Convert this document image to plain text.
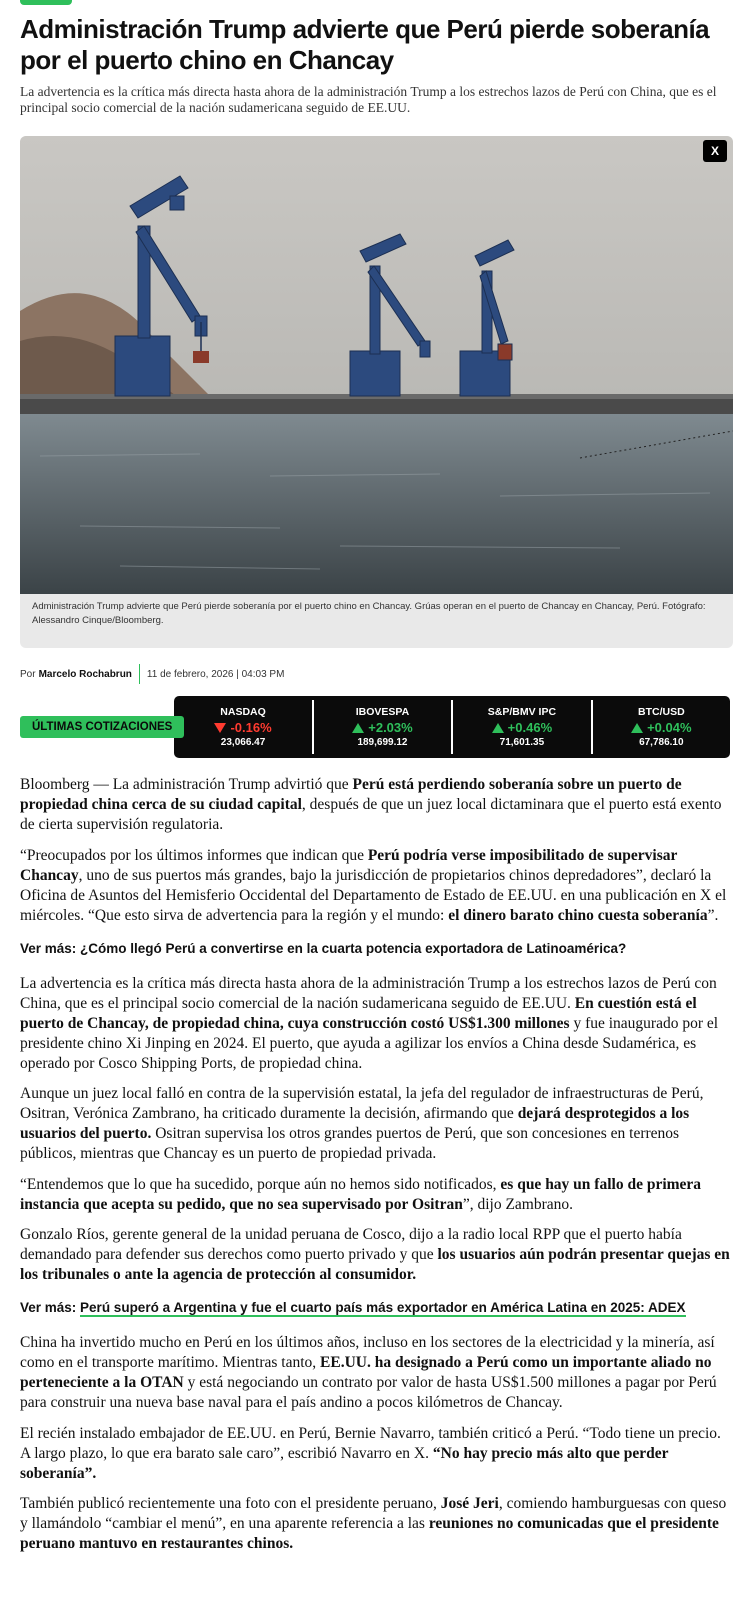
Administración Trump advierte que Perú pierde soberanía por el puerto chino en Chancay

La advertencia es la crítica más directa hasta ahora de la administración Trump a los estrechos lazos de Perú con China, que es el principal socio comercial de la nación sudamericana seguido de EE.UU.

X

Administración Trump advierte que Perú pierde soberanía por el puerto chino en Chancay. Grúas operan en el puerto de Chancay en Chancay, Perú. Fotógrafo: Alessandro Cinque/Bloomberg.

Por Marcelo Rochabrun 11 de febrero, 2026 | 04:03 PM
ÚLTIMAS COTIZACIONES
NASDAQ
-0.16%
23,066.47
IBOVESPA
+2.03%
189,699.12
S&P/BMV IPC
+0.46%
71,601.35
BTC/USD
+0.04%
67,786.10

Bloomberg — La administración Trump advirtió que Perú está perdiendo soberanía sobre un puerto de propiedad china cerca de su ciudad capital, después de que un juez local dictaminara que el puerto está exento de cierta supervisión regulatoria.

“Preocupados por los últimos informes que indican que Perú podría verse imposibilitado de supervisar Chancay, uno de sus puertos más grandes, bajo la jurisdicción de propietarios chinos depredadores”, declaró la Oficina de Asuntos del Hemisferio Occidental del Departamento de Estado de EE.UU. en una publicación en X el miércoles. “Que esto sirva de advertencia para la región y el mundo: el dinero barato chino cuesta soberanía”.

Ver más: ¿Cómo llegó Perú a convertirse en la cuarta potencia exportadora de Latinoamérica?

La advertencia es la crítica más directa hasta ahora de la administración Trump a los estrechos lazos de Perú con China, que es el principal socio comercial de la nación sudamericana seguido de EE.UU. En cuestión está el puerto de Chancay, de propiedad china, cuya construcción costó US$1.300 millones y fue inaugurado por el presidente chino Xi Jinping en 2024. El puerto, que ayuda a agilizar los envíos a China desde Sudamérica, es operado por Cosco Shipping Ports, de propiedad china.

Aunque un juez local falló en contra de la supervisión estatal, la jefa del regulador de infraestructuras de Perú, Ositran, Verónica Zambrano, ha criticado duramente la decisión, afirmando que dejará desprotegidos a los usuarios del puerto. Ositran supervisa los otros grandes puertos de Perú, que son concesiones en terrenos públicos, mientras que Chancay es un puerto de propiedad privada.

“Entendemos que lo que ha sucedido, porque aún no hemos sido notificados, es que hay un fallo de primera instancia que acepta su pedido, que no sea supervisado por Ositran”, dijo Zambrano.

Gonzalo Ríos, gerente general de la unidad peruana de Cosco, dijo a la radio local RPP que el puerto había demandado para defender sus derechos como puerto privado y que los usuarios aún podrán presentar quejas en los tribunales o ante la agencia de protección al consumidor.

Ver más: Perú superó a Argentina y fue el cuarto país más exportador en América Latina en 2025: ADEX

China ha invertido mucho en Perú en los últimos años, incluso en los sectores de la electricidad y la minería, así como en el transporte marítimo. Mientras tanto, EE.UU. ha designado a Perú como un importante aliado no perteneciente a la OTAN y está negociando un contrato por valor de hasta US$1.500 millones a pagar por Perú para construir una nueva base naval para el país andino a pocos kilómetros de Chancay.

El recién instalado embajador de EE.UU. en Perú, Bernie Navarro, también criticó a Perú. “Todo tiene un precio. A largo plazo, lo que era barato sale caro”, escribió Navarro en X. “No hay precio más alto que perder soberanía”.

También publicó recientemente una foto con el presidente peruano, José Jeri, comiendo hamburguesas con queso y llamándolo “cambiar el menú”, en una aparente referencia a las reuniones no comunicadas que el presidente peruano mantuvo en restaurantes chinos.
